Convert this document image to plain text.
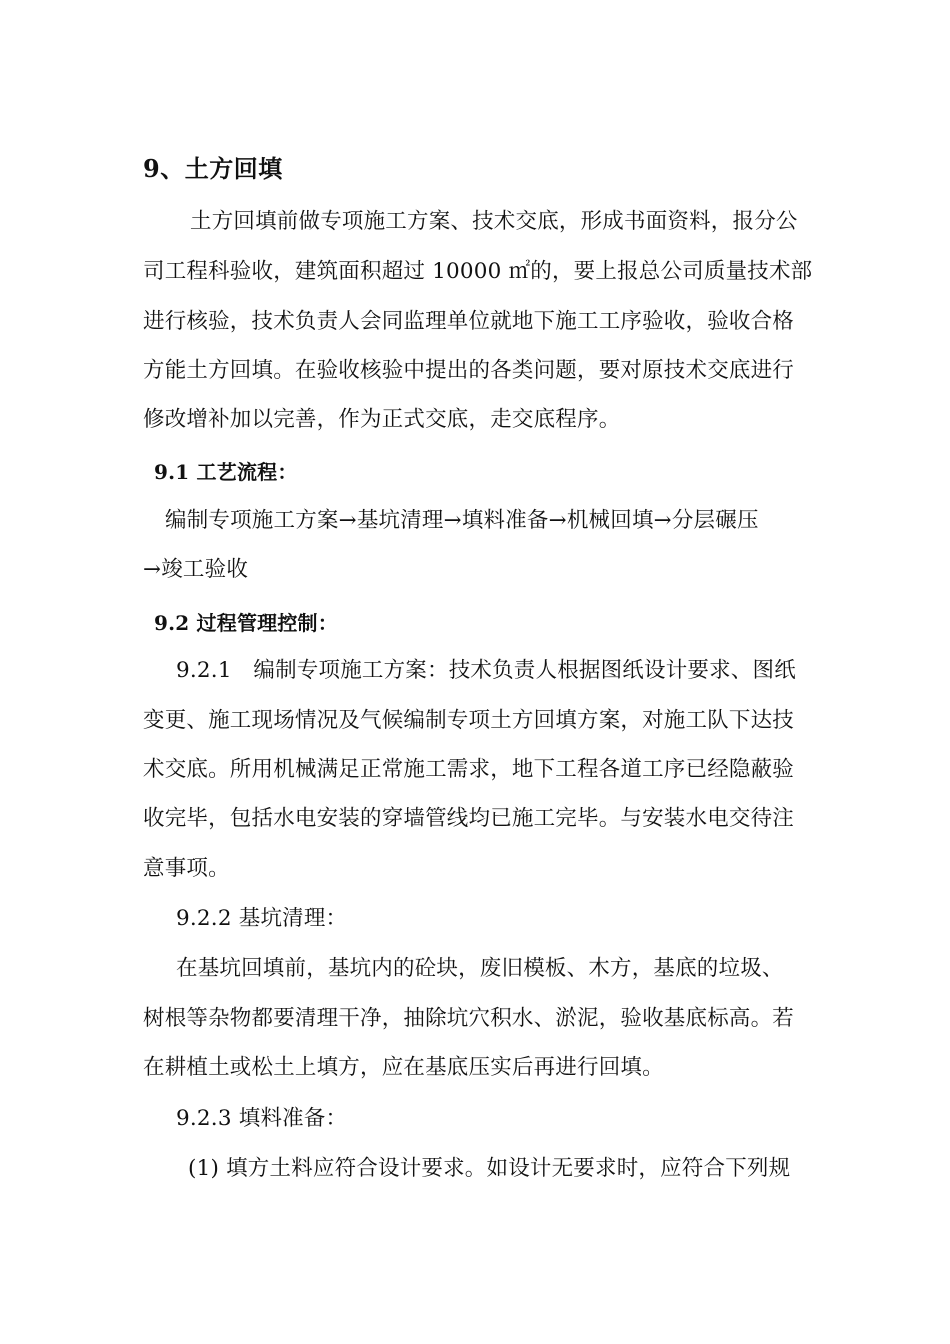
9、土方回填
土方回填前做专项施工方案、技术交底，形成书面资料，报分公
司工程科验收，建筑面积超过 10000 ㎡的，要上报总公司质量技术部
进行核验，技术负责人会同监理单位就地下施工工序验收，验收合格
方能土方回填。在验收核验中提出的各类问题，要对原技术交底进行
修改增补加以完善，作为正式交底，走交底程序。
9.1 工艺流程：
编制专项施工方案→基坑清理→填料准备→机械回填→分层碾压
→竣工验收
9.2 过程管理控制：
9.2.1　编制专项施工方案：技术负责人根据图纸设计要求、图纸
变更、施工现场情况及气候编制专项土方回填方案，对施工队下达技
术交底。所用机械满足正常施工需求，地下工程各道工序已经隐蔽验
收完毕，包括水电安装的穿墙管线均已施工完毕。与安装水电交待注
意事项。
9.2.2 基坑清理：
在基坑回填前，基坑内的砼块，废旧模板、木方，基底的垃圾、
树根等杂物都要清理干净，抽除坑穴积水、淤泥，验收基底标高。若
在耕植土或松土上填方，应在基底压实后再进行回填。
9.2.3 填料准备：
(1) 填方土料应符合设计要求。如设计无要求时，应符合下列规
